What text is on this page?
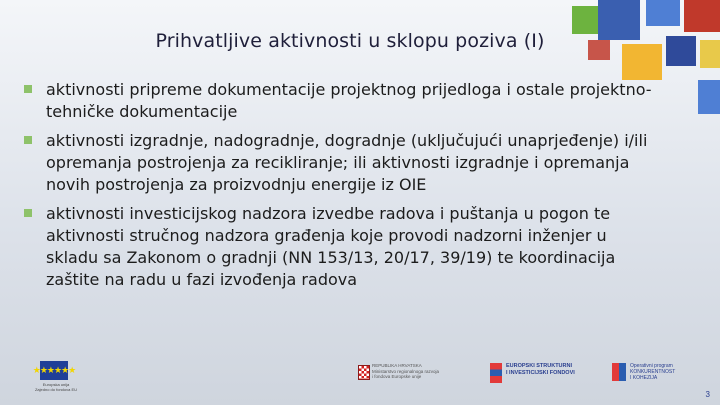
Prihvatljive aktivnosti u sklopu poziva (I)
aktivnosti pripreme dokumentacije projektnog prijedloga i ostale projektno-tehničke dokumentacije
aktivnosti izgradnje, nadogradnje, dogradnje (uključujući unaprjeđenje) i/ili opremanja postrojenja za recikliranje; ili aktivnosti izgradnje i opremanja novih postrojenja za proizvodnju energije iz OIE
aktivnosti investicijskog nadzora izvedbe radova i puštanja u pogon te aktivnosti stručnog nadzora građenja koje provodi nadzorni inženjer u skladu sa Zakonom o gradnji (NN 153/13, 20/17, 39/19) te koordinacija zaštite na radu u fazi izvođenja radova
★★★★★★
Europska unija
Zajedno do fondova EU
REPUBLIKA HRVATSKA
Ministarstvo regionalnoga razvoja
i fondova Europske unije
EUROPSKI STRUKTURNI
I INVESTICIJSKI FONDOVI
Operativni program
KONKURENTNOST
I KOHEZIJA
3
